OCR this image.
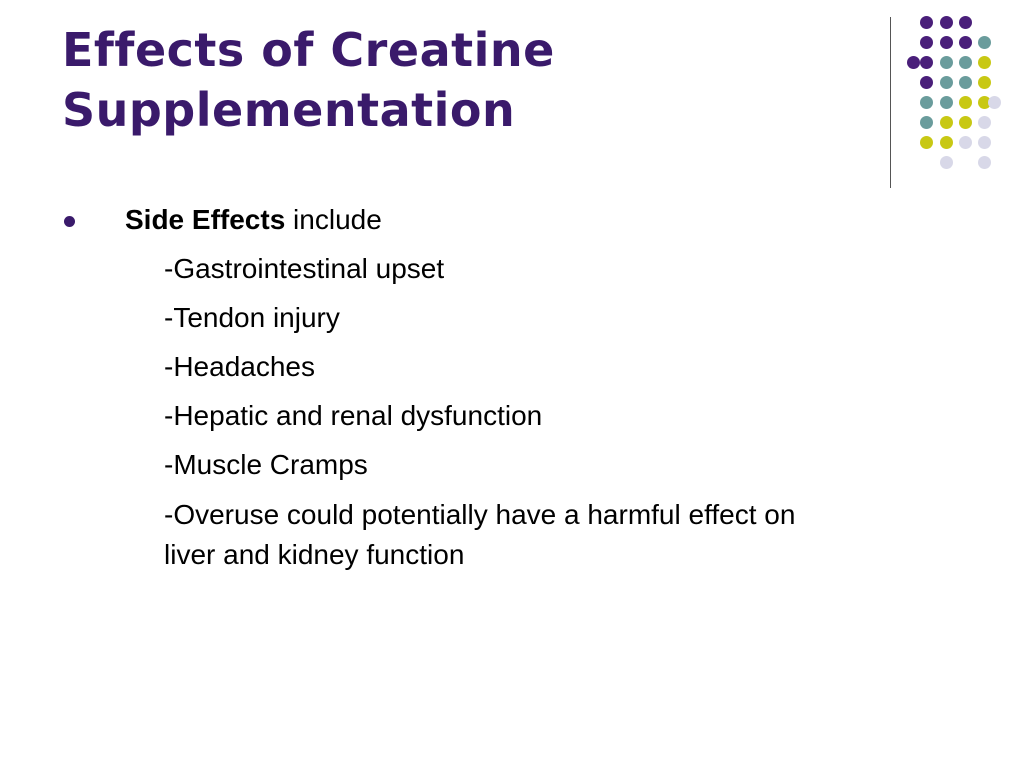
Effects of Creatine
Supplementation
Side Effects include
-Gastrointestinal upset
-Tendon injury
-Headaches
-Hepatic and renal dysfunction
-Muscle Cramps
-Overuse could potentially have a harmful effect on
liver and kidney function
